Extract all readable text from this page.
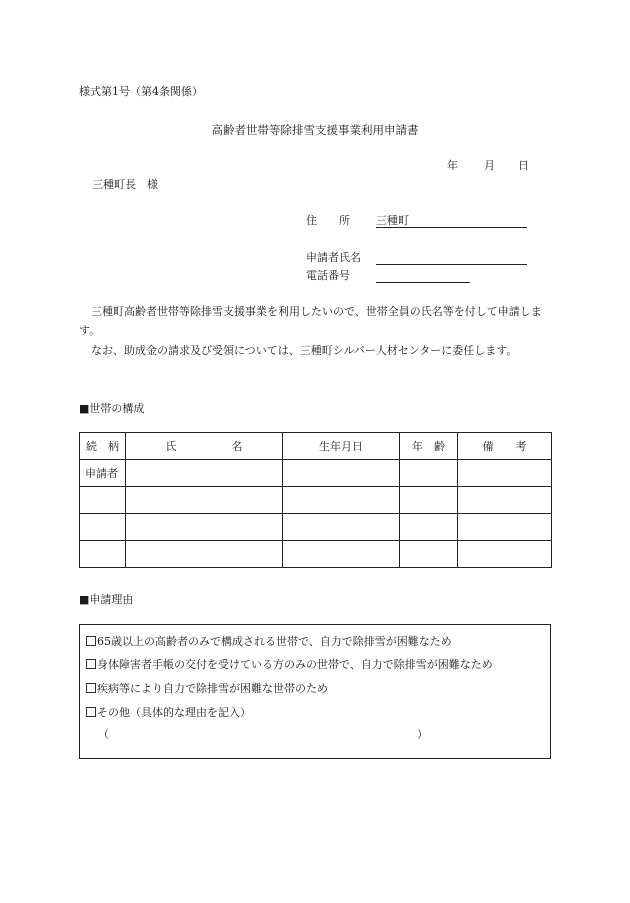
様式第1号（第4条関係）
高齢者世帯等除排雪支援事業利用申請書
年 月 日
三種町長　様
住　　所 三種町
申請者氏名
電話番号
三種町高齢者世帯等除排雪支援事業を利用したいので、世帯全員の氏名等を付して申請します。
なお、助成金の請求及び受領については、三種町シルバー人材センターに委任します。
■世帯の構成
続　柄	氏　　　　　名	生年月日	年　齢	備　　考
申請者				

■申請理由
65歳以上の高齢者のみで構成される世帯で、自力で除排雪が困難なため
身体障害者手帳の交付を受けている方のみの世帯で、自力で除排雪が困難なため
疾病等により自力で除排雪が困難な世帯のため
その他（具体的な理由を記入）
（	）
